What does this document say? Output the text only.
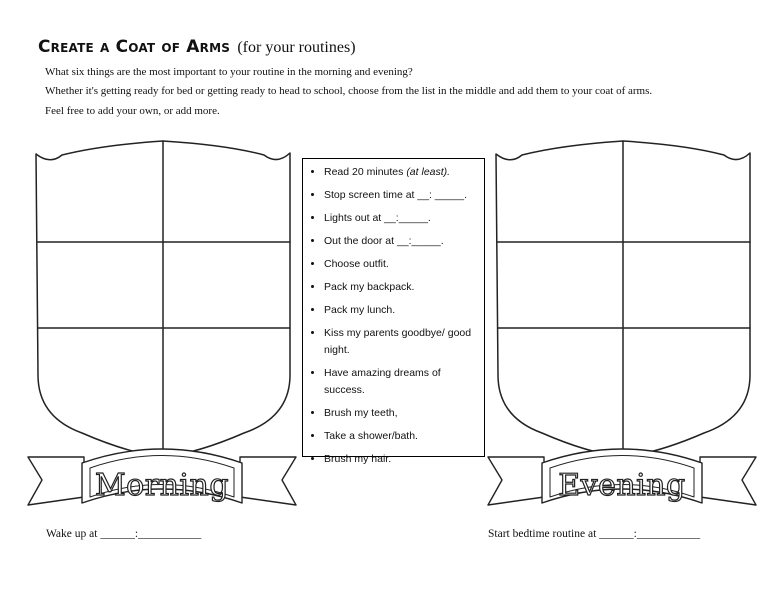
Create a Coat of Arms (for your routines)

What six things are the most important to your routine in the morning and evening?

Whether it's getting ready for bed or getting ready to head to school, choose from the list in the middle and add them to your coat of arms.

Feel free to add your own, or add more.

Morning
• Read 20 minutes (at least).
• Stop screen time at __: _____.
• Lights out at __:_____.
• Out the door at __:_____.
• Choose outfit.
• Pack my backpack.
• Pack my lunch.
• Kiss my parents goodbye/ good night.
• Have amazing dreams of success.
• Brush my teeth,
• Take a shower/bath.
• Brush my hair.
Evening
Wake up at ______:___________	Start bedtime routine at ______:___________
